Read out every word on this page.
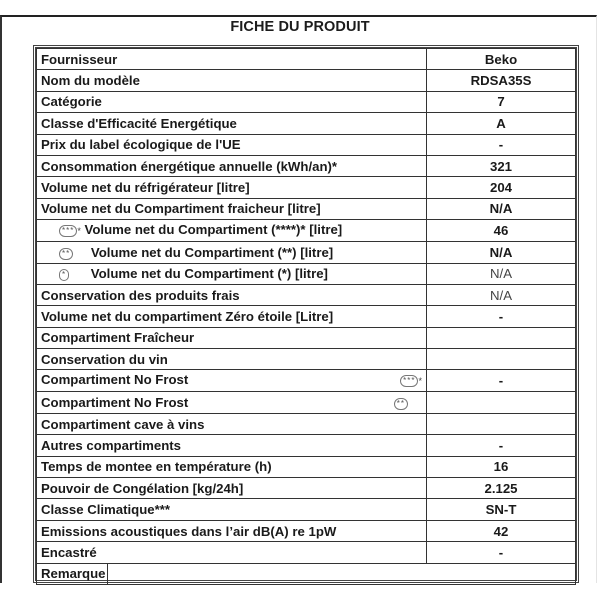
FICHE DU PRODUIT
Fournisseur	Beko
Nom du modèle	RDSA35S
Catégorie	7
Classe d'Efficacité Energétique	A
Prix du label écologique de l'UE	-
Consommation énergétique annuelle (kWh/an)*	321
Volume net du réfrigérateur [litre]	204
Volume net du Compartiment fraicheur [litre]	N/A
*** * Volume net du Compartiment (****)* [litre]	46
** Volume net du Compartiment (**) [litre]	N/A
* Volume net du Compartiment (*) [litre]	N/A
Conservation des produits frais	N/A
Volume net du compartiment Zéro étoile [Litre]	-
Compartiment Fraîcheur	
Conservation du vin	
Compartiment No Frost *** *	-
Compartiment No Frost **	

Compartiment cave à vins	
Autres compartiments	-
Temps de montee en température (h)	16
Pouvoir de Congélation [kg/24h]	2.125
Classe Climatique***	SN-T
Emissions acoustiques dans l’air dB(A) re 1pW	42
Encastré	-
Remarque	
